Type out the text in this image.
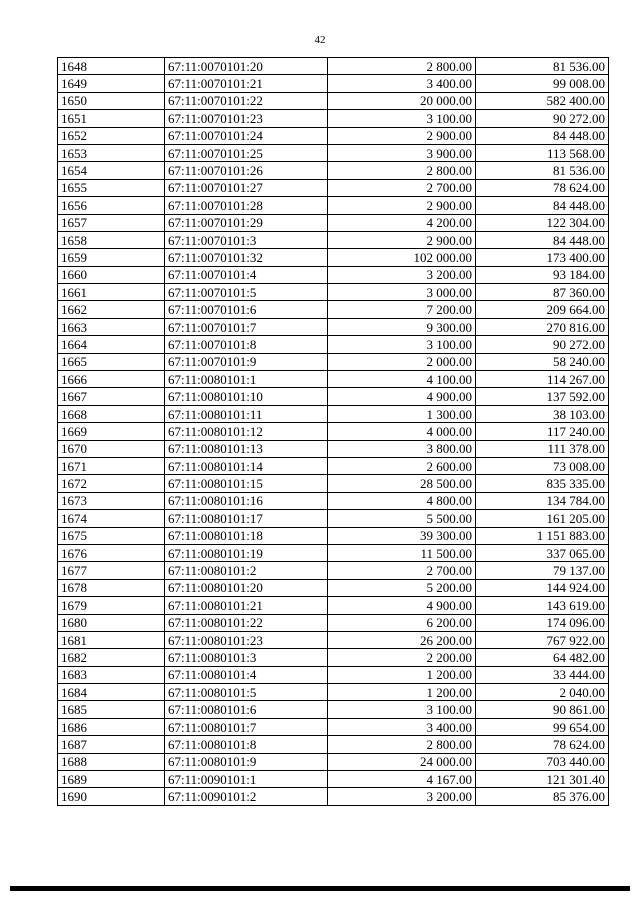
42
1648	67:11:0070101:20	2 800.00	81 536.00
1649	67:11:0070101:21	3 400.00	99 008.00
1650	67:11:0070101:22	20 000.00	582 400.00
1651	67:11:0070101:23	3 100.00	90 272.00
1652	67:11:0070101:24	2 900.00	84 448.00
1653	67:11:0070101:25	3 900.00	113 568.00
1654	67:11:0070101:26	2 800.00	81 536.00
1655	67:11:0070101:27	2 700.00	78 624.00
1656	67:11:0070101:28	2 900.00	84 448.00
1657	67:11:0070101:29	4 200.00	122 304.00
1658	67:11:0070101:3	2 900.00	84 448.00
1659	67:11:0070101:32	102 000.00	173 400.00
1660	67:11:0070101:4	3 200.00	93 184.00
1661	67:11:0070101:5	3 000.00	87 360.00
1662	67:11:0070101:6	7 200.00	209 664.00
1663	67:11:0070101:7	9 300.00	270 816.00
1664	67:11:0070101:8	3 100.00	90 272.00
1665	67:11:0070101:9	2 000.00	58 240.00
1666	67:11:0080101:1	4 100.00	114 267.00
1667	67:11:0080101:10	4 900.00	137 592.00
1668	67:11:0080101:11	1 300.00	38 103.00
1669	67:11:0080101:12	4 000.00	117 240.00
1670	67:11:0080101:13	3 800.00	111 378.00
1671	67:11:0080101:14	2 600.00	73 008.00
1672	67:11:0080101:15	28 500.00	835 335.00
1673	67:11:0080101:16	4 800.00	134 784.00
1674	67:11:0080101:17	5 500.00	161 205.00
1675	67:11:0080101:18	39 300.00	1 151 883.00
1676	67:11:0080101:19	11 500.00	337 065.00
1677	67:11:0080101:2	2 700.00	79 137.00
1678	67:11:0080101:20	5 200.00	144 924.00
1679	67:11:0080101:21	4 900.00	143 619.00
1680	67:11:0080101:22	6 200.00	174 096.00
1681	67:11:0080101:23	26 200.00	767 922.00
1682	67:11:0080101:3	2 200.00	64 482.00
1683	67:11:0080101:4	1 200.00	33 444.00
1684	67:11:0080101:5	1 200.00	2 040.00
1685	67:11:0080101:6	3 100.00	90 861.00
1686	67:11:0080101:7	3 400.00	99 654.00
1687	67:11:0080101:8	2 800.00	78 624.00
1688	67:11:0080101:9	24 000.00	703 440.00
1689	67:11:0090101:1	4 167.00	121 301.40
1690	67:11:0090101:2	3 200.00	85 376.00
